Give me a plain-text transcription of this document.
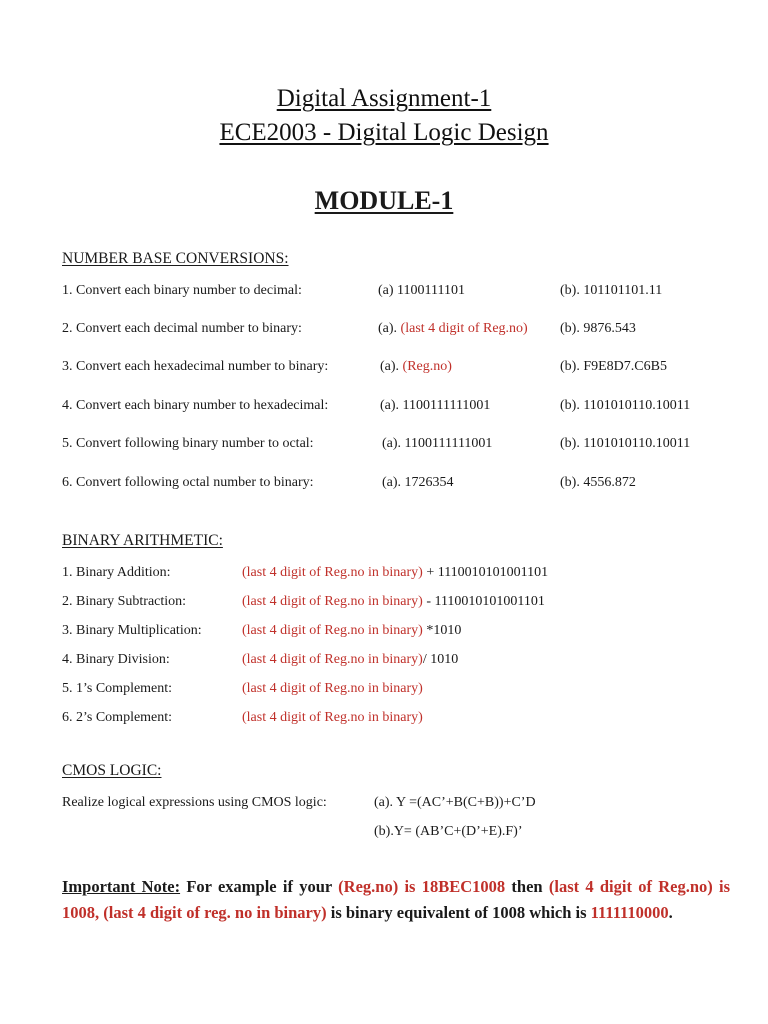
Digital Assignment-1
ECE2003 - Digital Logic Design
MODULE-1
NUMBER BASE CONVERSIONS:
1. Convert each binary number to decimal:	(a) 1100111101	(b). 101101101.11
2. Convert each decimal number to binary:	(a). (last 4 digit of Reg.no) (b). 9876.543
3. Convert each hexadecimal number to binary:	(a). (Reg.no)	(b). F9E8D7.C6B5
4. Convert each binary number to hexadecimal:	(a). 1100111111001	(b). 1101010110.10011
5. Convert following binary number to octal:	(a). 1100111111001	(b). 1101010110.10011
6. Convert following octal number to binary:	(a). 1726354	(b). 4556.872
BINARY ARITHMETIC:
1. Binary Addition:	(last 4 digit of Reg.no in binary) + 1110010101001101
2. Binary Subtraction:	(last 4 digit of Reg.no in binary) - 1110010101001101
3. Binary Multiplication:	(last 4 digit of Reg.no in binary) *1010
4. Binary Division:	(last 4 digit of Reg.no in binary)/ 1010
5. 1’s Complement:	(last 4 digit of Reg.no in binary)
6. 2’s Complement:	(last 4 digit of Reg.no in binary)
CMOS LOGIC:
Realize logical expressions using CMOS logic:	(a). Y =(AC’+B(C+B))+C’D
(b).Y= (AB’C+(D’+E).F)’
Important Note: For example if your (Reg.no) is 18BEC1008 then (last 4 digit of Reg.no) is 1008, (last 4 digit of reg. no in binary) is binary equivalent of 1008 which is 1111110000.
